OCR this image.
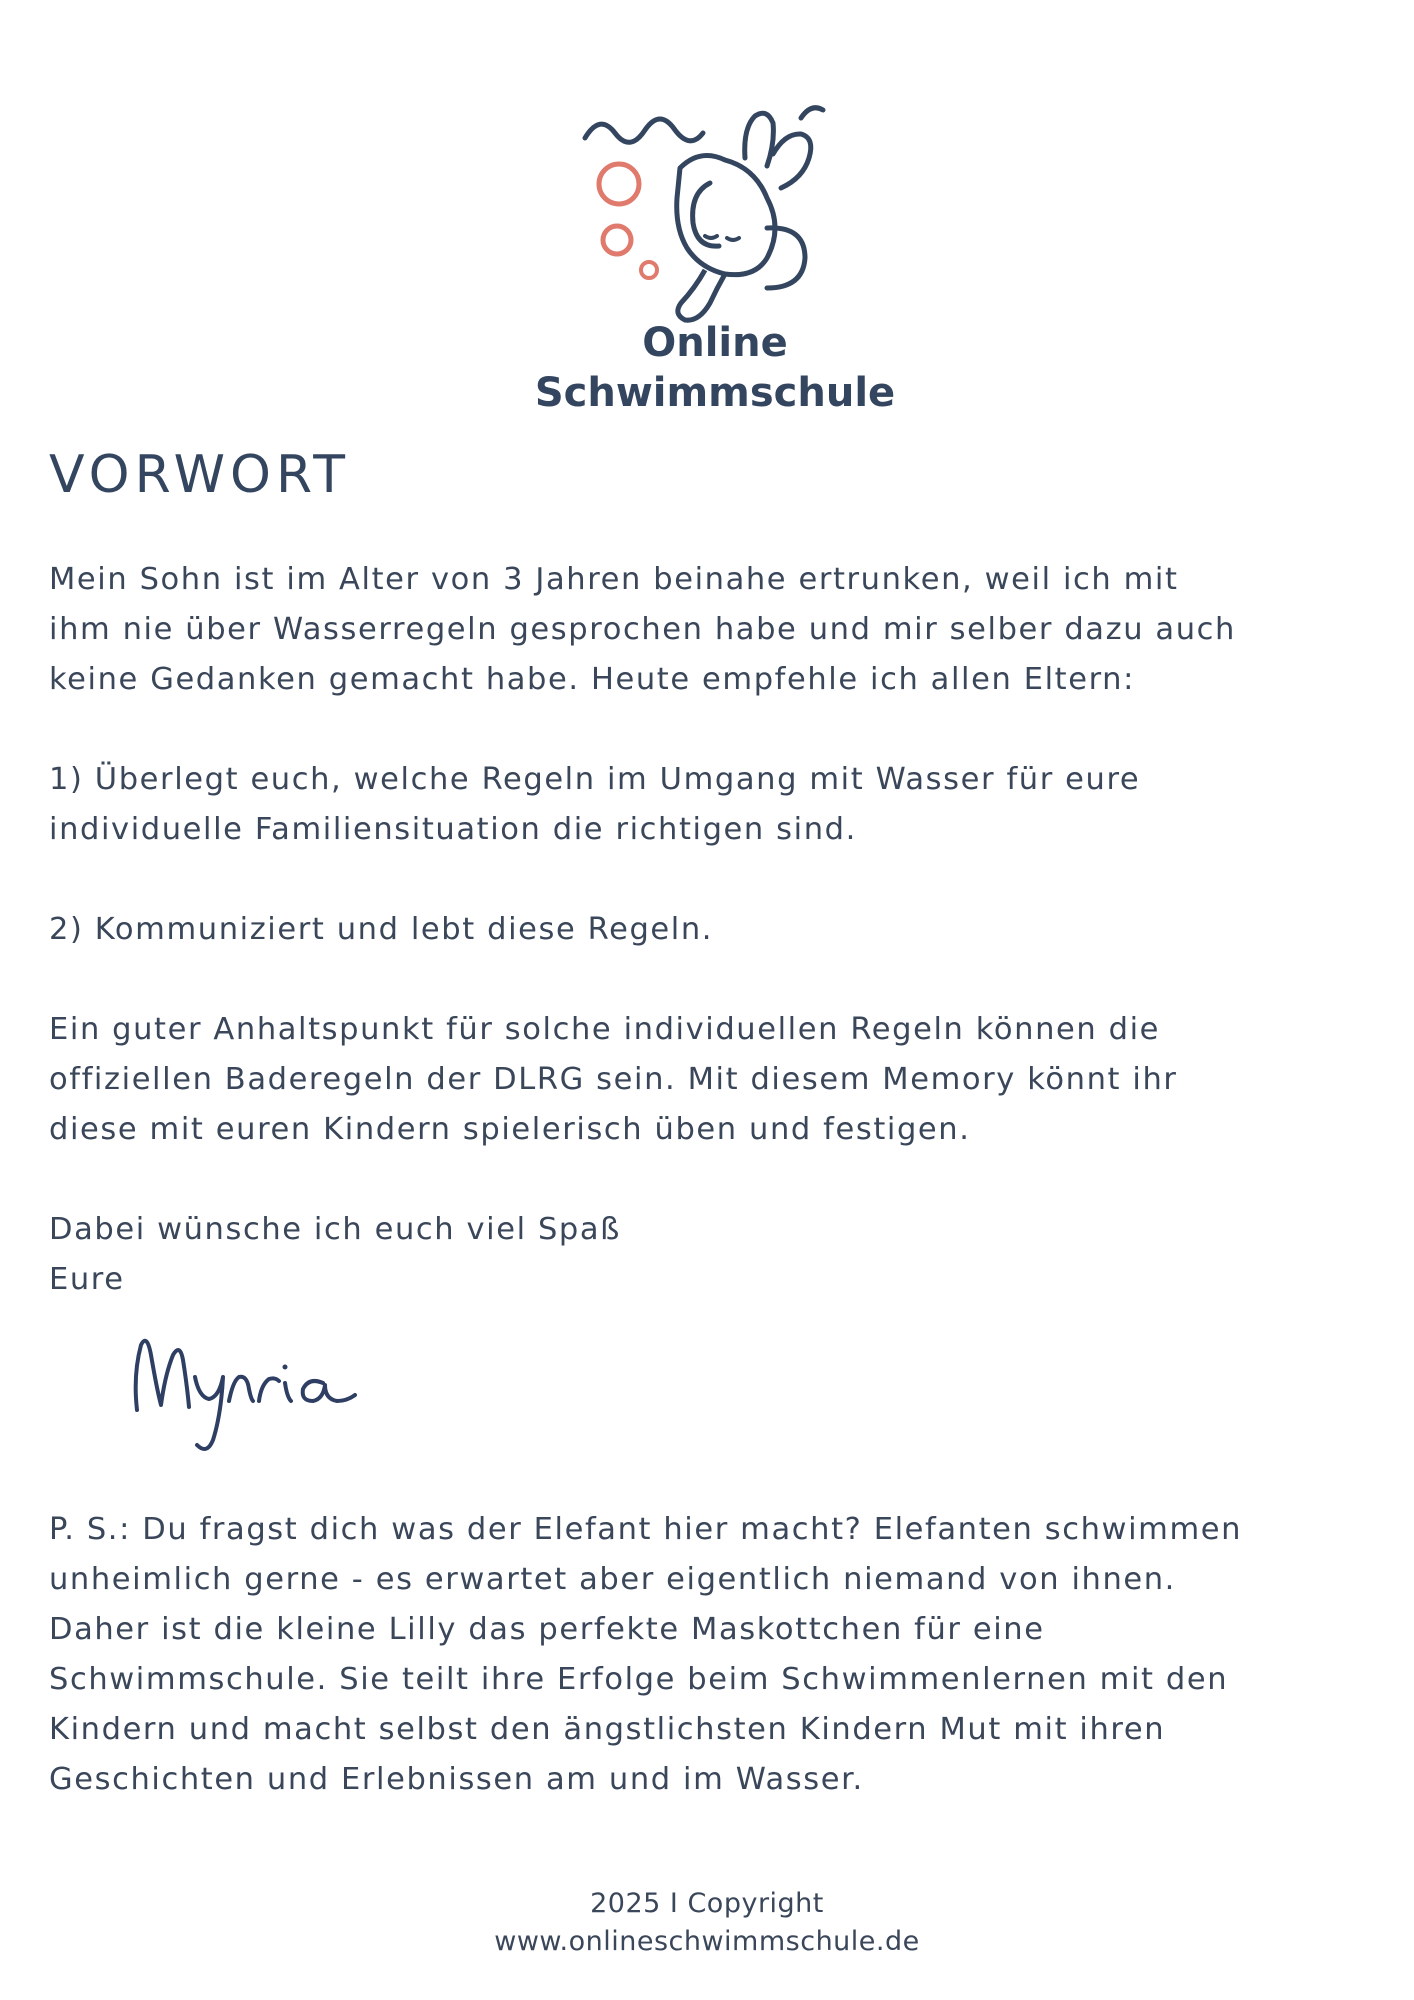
Online
Schwimmschule
VORWORT

Mein Sohn ist im Alter von 3 Jahren beinahe ertrunken, weil ich mit
ihm nie über Wasserregeln gesprochen habe und mir selber dazu auch
keine Gedanken gemacht habe. Heute empfehle ich allen Eltern:

1) Überlegt euch, welche Regeln im Umgang mit Wasser für eure
individuelle Familiensituation die richtigen sind.

2) Kommuniziert und lebt diese Regeln.

Ein guter Anhaltspunkt für solche individuellen Regeln können die
offiziellen Baderegeln der DLRG sein. Mit diesem Memory könnt ihr
diese mit euren Kindern spielerisch üben und festigen.

Dabei wünsche ich euch viel Spaß
Eure

P. S.: Du fragst dich was der Elefant hier macht? Elefanten schwimmen
unheimlich gerne - es erwartet aber eigentlich niemand von ihnen.
Daher ist die kleine Lilly das perfekte Maskottchen für eine
Schwimmschule. Sie teilt ihre Erfolge beim Schwimmenlernen mit den
Kindern und macht selbst den ängstlichsten Kindern Mut mit ihren
Geschichten und Erlebnissen am und im Wasser.

2025 I Copyright
www.onlineschwimmschule.de
